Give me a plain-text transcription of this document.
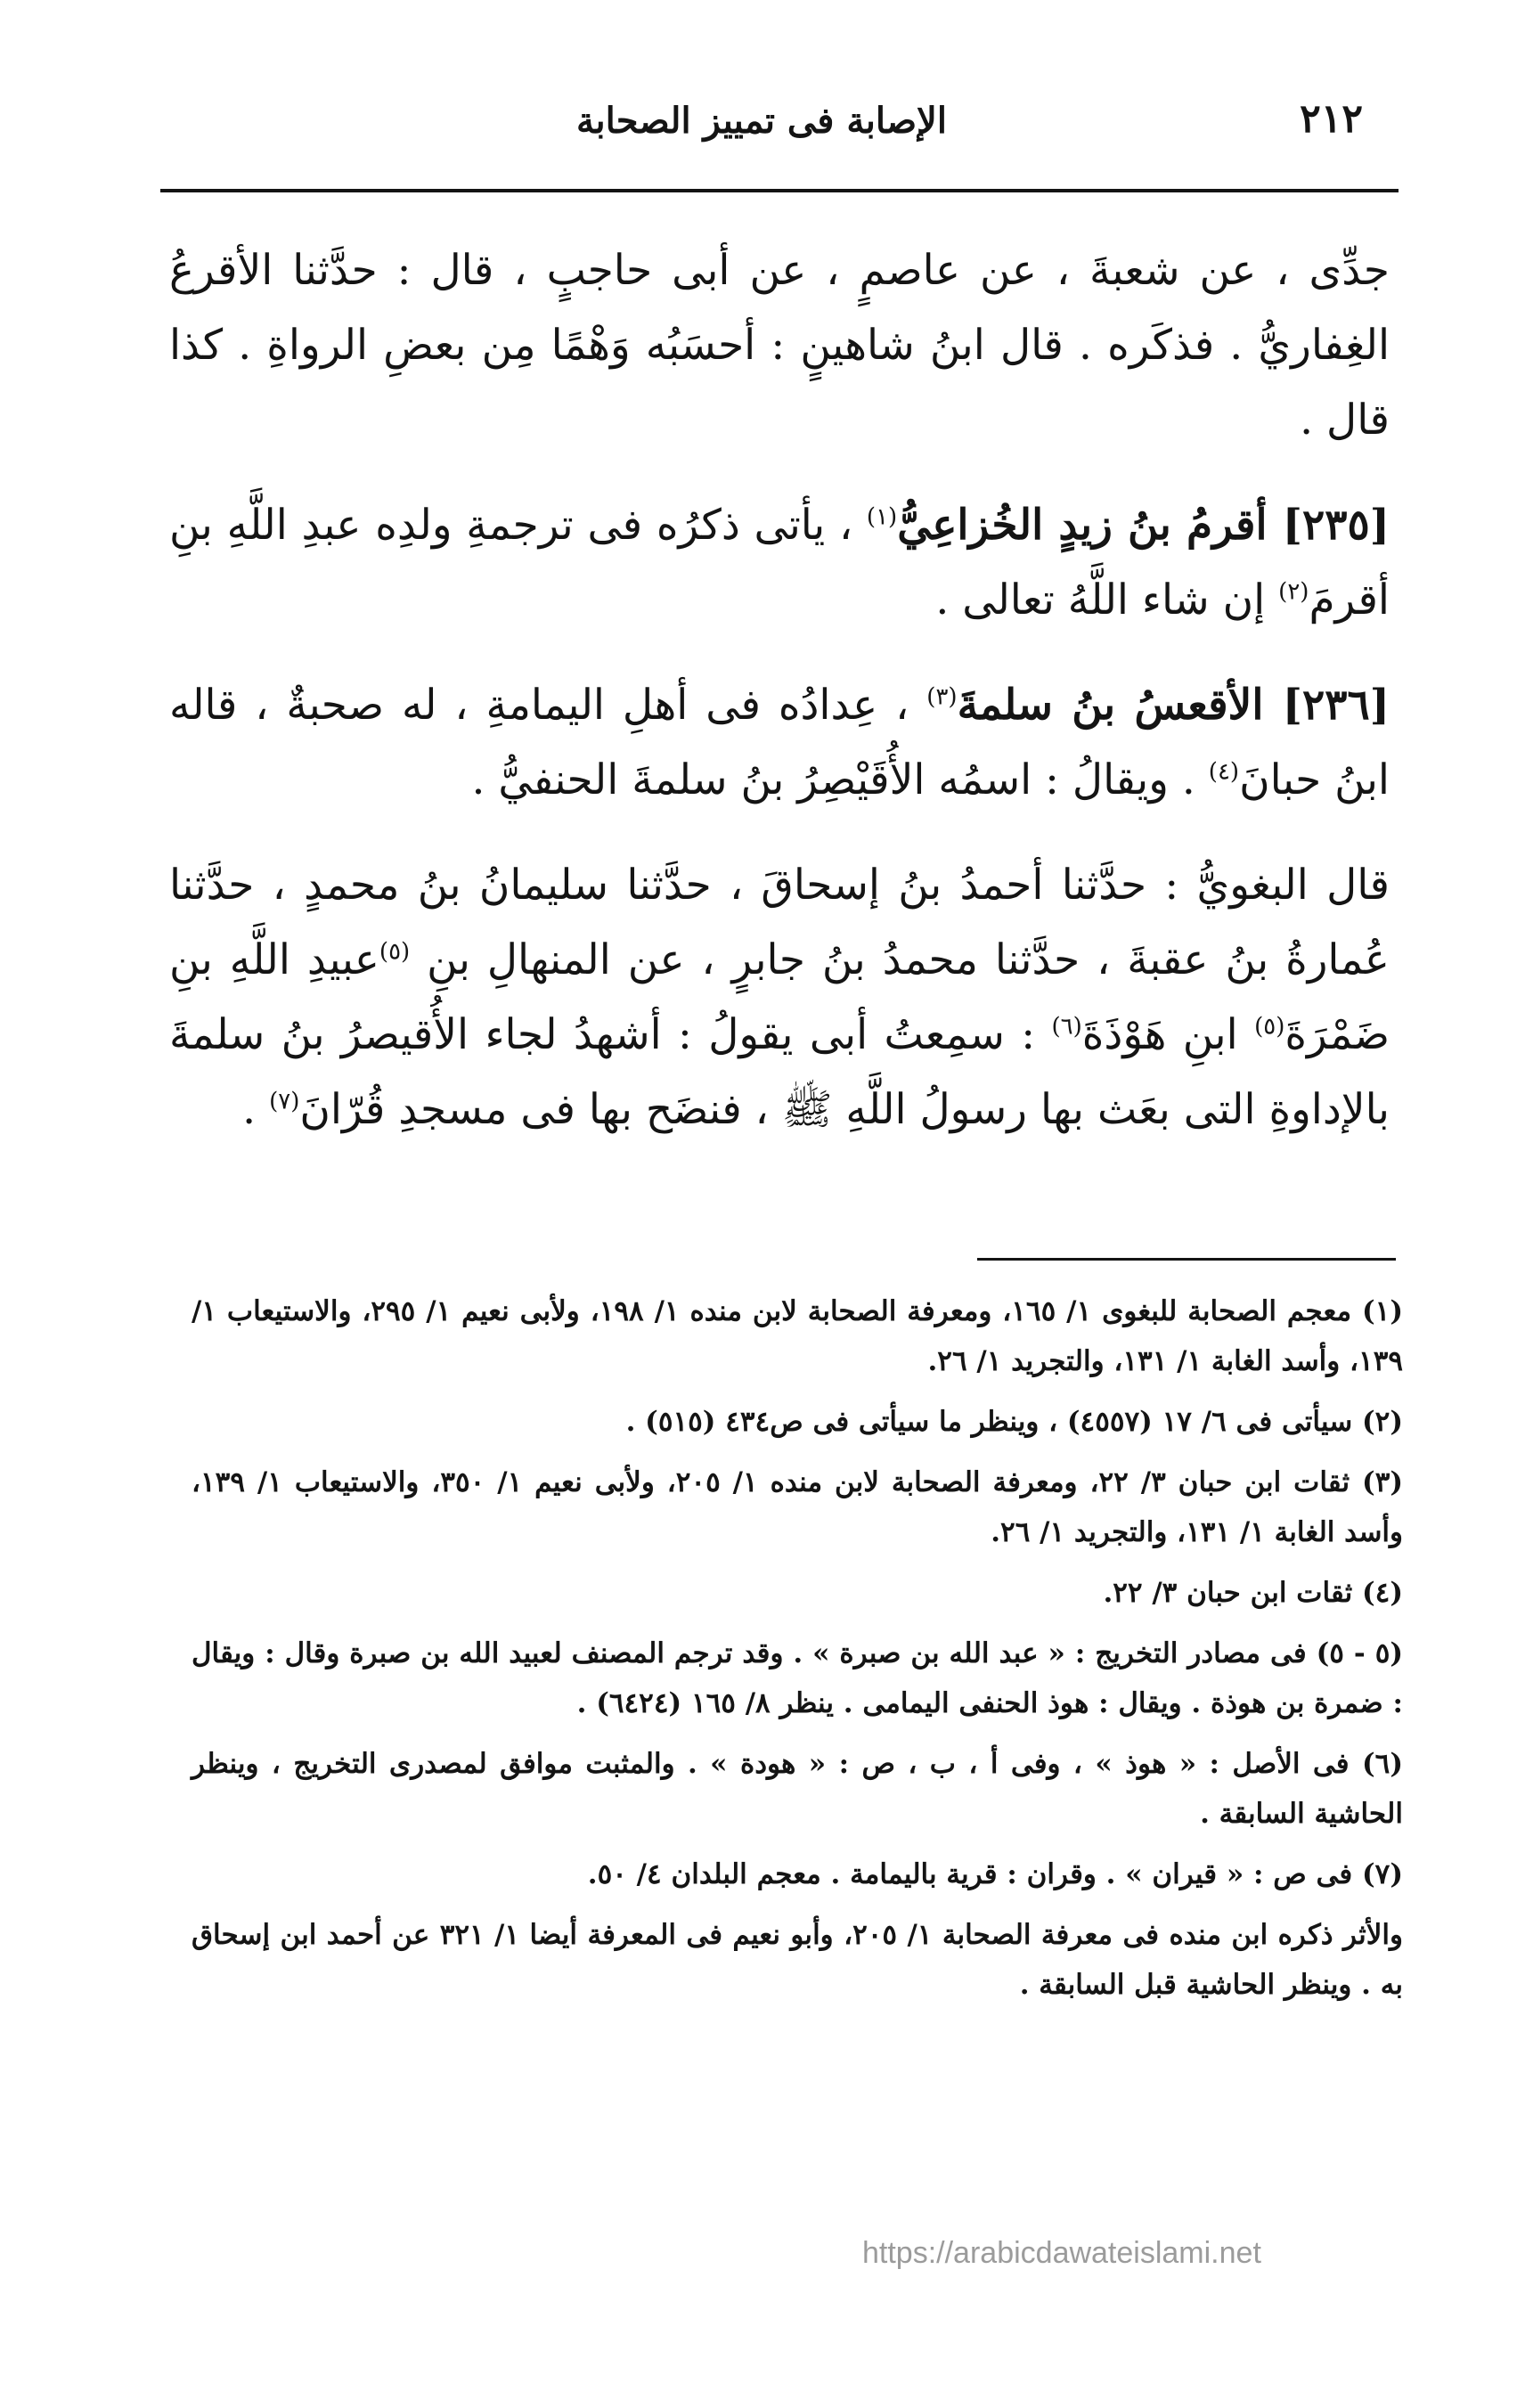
٢١٢
الإصابة فى تمييز الصحابة

جدِّى ، عن شعبةَ ، عن عاصمٍ ، عن أبى حاجبٍ ، قال : حدَّثنا الأقرعُ الغِفاريُّ . فذكَره . قال ابنُ شاهينٍ : أحسَبُه وَهْمًا مِن بعضِ الرواةِ . كذا قال .

[٢٣٥] أقرمُ بنُ زيدٍ الخُزاعِيُّ$^{(١)}$ ، يأتى ذكرُه فى ترجمةِ ولدِه عبدِ اللَّهِ بنِ أقرمَ$^{(٢)}$ إن شاء اللَّهُ تعالى .

[٢٣٦] الأقعسُ بنُ سلمةَ$^{(٣)}$ ، عِدادُه فى أهلِ اليمامةِ ، له صحبةٌ ، قاله ابنُ حبانَ$^{(٤)}$ . ويقالُ : اسمُه الأُقَيْصِرُ بنُ سلمةَ الحنفيُّ .

قال البغويُّ : حدَّثنا أحمدُ بنُ إسحاقَ ، حدَّثنا سليمانُ بنُ محمدٍ ، حدَّثنا عُمارةُ بنُ عقبةَ ، حدَّثنا محمدُ بنُ جابرٍ ، عن المنهالِ بنِ $^{(٥)}$عبيدِ اللَّهِ بنِ ضَمْرَةَ$^{(٥)}$ ابنِ هَوْذَةَ$^{(٦)}$ : سمِعتُ أبى يقولُ : أشهدُ لجاء الأُقيصرُ بنُ سلمةَ بالإداوةِ التى بعَث بها رسولُ اللَّهِ ﷺ ، فنضَح بها فى مسجدِ قُرّانَ$^{(٧)}$ .

(١) معجم الصحابة للبغوى ١/ ١٦٥، ومعرفة الصحابة لابن منده ١/ ١٩٨، ولأبى نعيم ١/ ٢٩٥، والاستيعاب ١/ ١٣٩، وأسد الغابة ١/ ١٣١، والتجريد ١/ ٢٦.

(٢) سيأتى فى ٦/ ١٧ (٤٥٥٧) ، وينظر ما سيأتى فى ص٤٣٤ (٥١٥) .

(٣) ثقات ابن حبان ٣/ ٢٢، ومعرفة الصحابة لابن منده ١/ ٢٠٥، ولأبى نعيم ١/ ٣٥٠، والاستيعاب ١/ ١٣٩، وأسد الغابة ١/ ١٣١، والتجريد ١/ ٢٦.

(٤) ثقات ابن حبان ٣/ ٢٢.

(٥ - ٥) فى مصادر التخريج : « عبد الله بن صبرة » . وقد ترجم المصنف لعبيد الله بن صبرة وقال : ويقال : ضمرة بن هوذة . ويقال : هوذ الحنفى اليمامى . ينظر ٨/ ١٦٥ (٦٤٢٤) .

(٦) فى الأصل : « هوذ » ، وفى أ ، ب ، ص : « هودة » . والمثبت موافق لمصدرى التخريج ، وينظر الحاشية السابقة .

(٧) فى ص : « قيران » . وقران : قرية باليمامة . معجم البلدان ٤/ ٥٠.

والأثر ذكره ابن منده فى معرفة الصحابة ١/ ٢٠٥، وأبو نعيم فى المعرفة أيضا ١/ ٣٢١ عن أحمد ابن إسحاق به . وينظر الحاشية قبل السابقة .

https://arabicdawateislami.net
